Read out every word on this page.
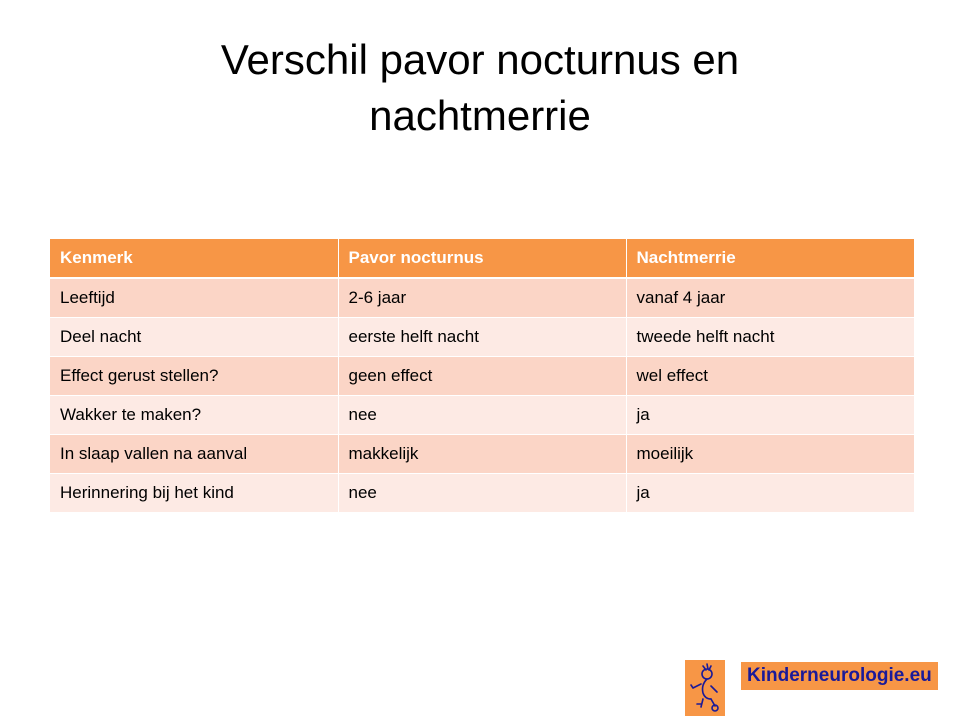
Verschil pavor nocturnus en
nachtmerrie
Kenmerk	Pavor nocturnus	Nachtmerrie
Leeftijd	2-6 jaar	vanaf 4 jaar
Deel nacht	eerste helft nacht	tweede helft nacht
Effect gerust stellen?	geen effect	wel effect
Wakker te maken?	nee	ja
In slaap vallen na aanval	makkelijk	moeilijk
Herinnering bij het kind	nee	ja
Kinderneurologie.eu
